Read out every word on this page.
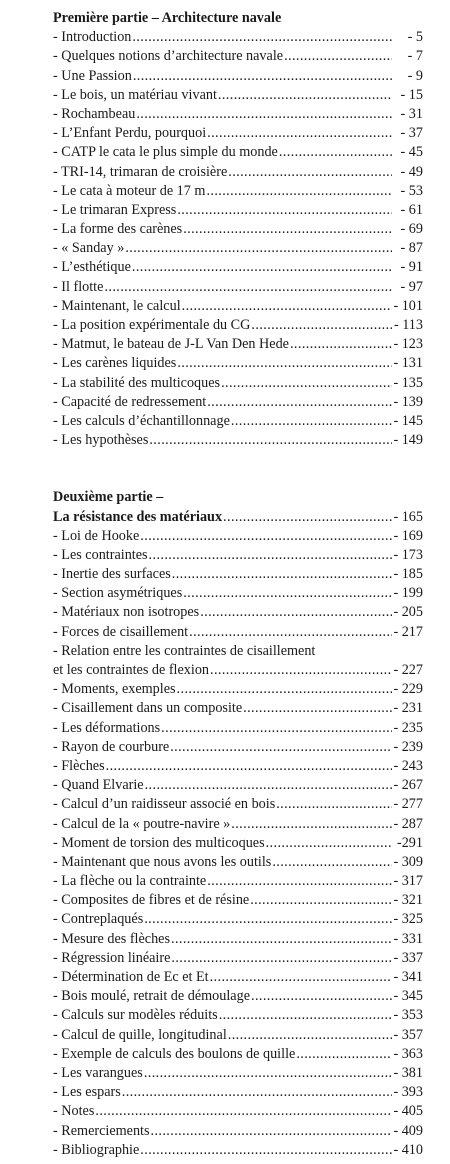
Première partie – Architecture navale
- Introduction .....	- 5
- Quelques notions d’architecture navale .....	- 7
- Une Passion .....	- 9
- Le bois, un matériau vivant .....	- 15
- Rochambeau .....	- 31
- L’Enfant Perdu, pourquoi .....	- 37
- CATP le cata le plus simple du monde .....	- 45
- TRI-14, trimaran de croisière .....	- 49
- Le cata à moteur de 17 m .....	- 53
- Le trimaran Express .....	- 61
- La forme des carènes .....	- 69
- « Sanday » .....	- 87
- L’esthétique .....	- 91
- Il flotte .....	- 97
- Maintenant, le calcul .....	- 101
- La position expérimentale du CG .....	- 113
- Matmut, le bateau de J-L Van Den Hede .....	- 123
- Les carènes liquides .....	- 131
- La stabilité des multicoques .....	- 135
- Capacité de redressement .....	- 139
- Les calculs d’échantillonnage .....	- 145
- Les hypothèses .....	- 149
Deuxième partie –
La résistance des matériaux .....	- 165
- Loi de Hooke .....	- 169
- Les contraintes .....	- 173
- Inertie des surfaces .....	- 185
- Section asymétriques .....	- 199
- Matériaux non isotropes .....	- 205
- Forces de cisaillement .....	- 217
- Relation entre les contraintes de cisaillement
et les contraintes de flexion .....	- 227
- Moments, exemples .....	- 229
- Cisaillement dans un composite .....	- 231
- Les déformations .....	- 235
- Rayon de courbure .....	- 239
- Flèches .....	- 243
- Quand Elvarie .....	- 267
- Calcul d’un raidisseur associé en bois .....	- 277
- Calcul de la « poutre-navire » .....	- 287
- Moment de torsion des multicoques .....	-291
- Maintenant que nous avons les outils .....	- 309
- La flèche ou la contrainte .....	- 317
- Composites de fibres et de résine .....	- 321
- Contreplaqués .....	- 325
- Mesure des flèches .....	- 331
- Régression linéaire .....	- 337
- Détermination de Ec et Et .....	- 341
- Bois moulé, retrait de démoulage .....	- 345
- Calculs sur modèles réduits .....	- 353
- Calcul de quille, longitudinal .....	- 357
- Exemple de calculs des boulons de quille .....	- 363
- Les varangues .....	- 381
- Les espars .....	- 393
- Notes .....	- 405
- Remerciements .....	- 409
- Bibliographie .....	- 410
